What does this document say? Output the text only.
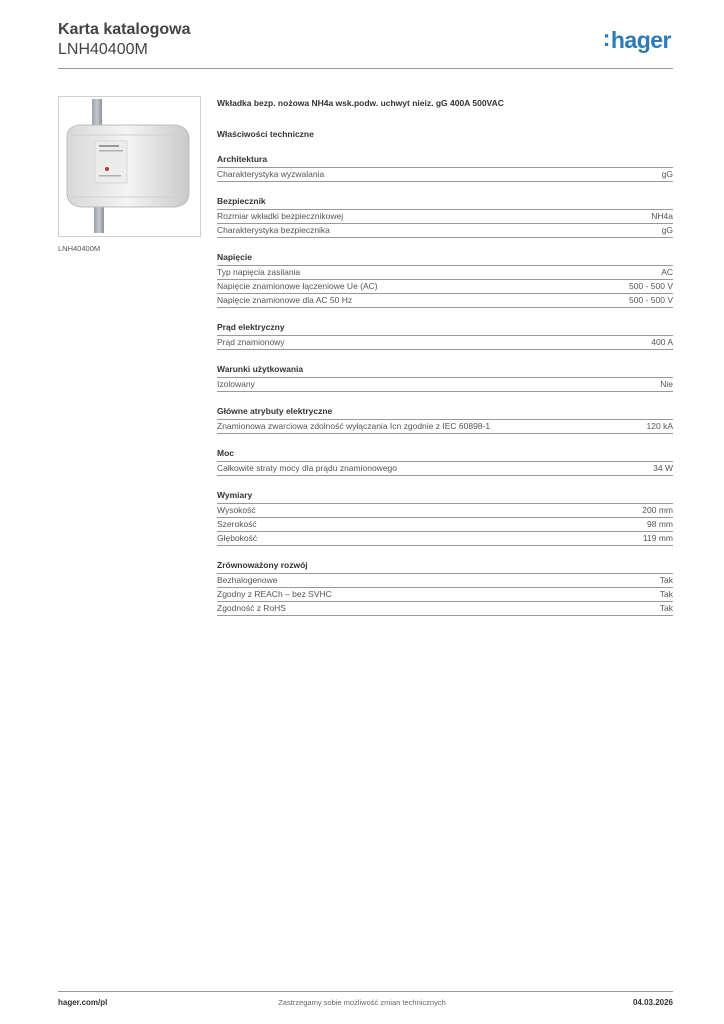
Karta katalogowa
LNH40400M	:hager
LNH40400M
Wkładka bezp. nożowa NH4a wsk.podw. uchwyt nieiz. gG 400A 500VAC
Właściwości techniczne
Architektura
Charakterystyka wyzwalania	gG
Bezpiecznik
Rozmiar wkładki bezpiecznikowej	NH4a
Charakterystyka bezpiecznika	gG
Napięcie
Typ napięcia zasilania	AC
Napięcie znamionowe łączeniowe Ue (AC)	500 - 500 V
Napięcie znamionowe dla AC 50 Hz	500 - 500 V
Prąd elektryczny
Prąd znamionowy	400 A
Warunki użytkowania
Izolowany	Nie
Główne atrybuty elektryczne
Znamionowa zwarciowa zdolność wyłączania Icn zgodnie z IEC 60898-1	120 kA
Moc
Całkowite straty mocy dla prądu znamionowego	34 W
Wymiary
Wysokość	200 mm
Szerokość	98 mm
Głębokość	119 mm
Zrównoważony rozwój
Bezhalogenowe	Tak
Zgodny z REACh – bez SVHC	Tak
Zgodność z RoHS	Tak
hager.com/pl	Zastrzegamy sobie możliwość zmian technicznych	04.03.2026
